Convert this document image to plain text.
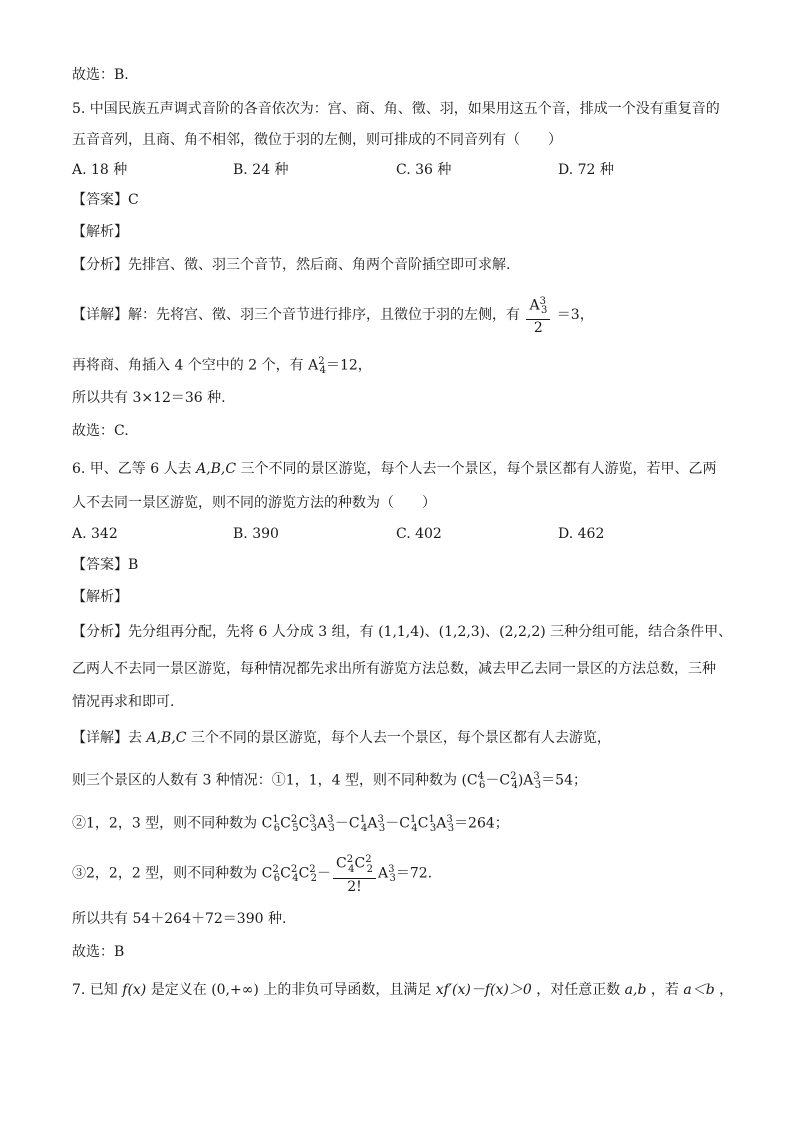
故选：B.
5. 中国民族五声调式音阶的各音依次为：宫、商、角、徵、羽，如果用这五个音，排成一个没有重复音的
五音音列，且商、角不相邻，徵位于羽的左侧，则可排成的不同音列有（　　）
A. 18 种	B. 24 种	C. 36 种	D. 72 种
【答案】C
【解析】
【分析】先排宫、徵、羽三个音节，然后商、角两个音阶插空即可求解.
【详解】解：先将宫、徵、羽三个音节进行排序，且徵位于羽的左侧，有 $\frac{A^3_3}{2} =3$，
再将商、角插入 4 个空中的 2 个，有 $A^2_4=12$，
所以共有 3×12＝36 种.
故选：C.
6. 甲、乙等 6 人去 A,B,C 三个不同的景区游览，每个人去一个景区，每个景区都有人游览，若甲、乙两
人不去同一景区游览，则不同的游览方法的种数为（　　）
A. 342	B. 390	C. 402	D. 462
【答案】B
【解析】
【分析】先分组再分配，先将 6 人分成 3 组，有 (1,1,4)、(1,2,3)、(2,2,2) 三种分组可能，结合条件甲、
乙两人不去同一景区游览，每种情况都先求出所有游览方法总数，减去甲乙去同一景区的方法总数，三种
情况再求和即可.
【详解】去 A,B,C 三个不同的景区游览，每个人去一个景区，每个景区都有人去游览，
则三个景区的人数有 3 种情况：①1，1，4 型，则不同种数为 $(C^4_6-C^2_4)A^3_3=54$；
②1，2，3 型，则不同种数为 $C^1_6C^2_5C^3_3A^3_3-C^1_4A^3_3-C^1_4C^1_3A^3_3=264$；
③2，2，2 型，则不同种数为 $C^2_6C^2_4C^2_2- \frac{C^2_4C^2_2}{2!} A^3_3=72$.
所以共有 54＋264＋72＝390 种.
故选：B
7. 已知 f(x) 是定义在 (0,+∞) 上的非负可导函数，且满足 xf′(x)－f(x)＞0 ，对任意正数 a,b ，若 a＜b ，
